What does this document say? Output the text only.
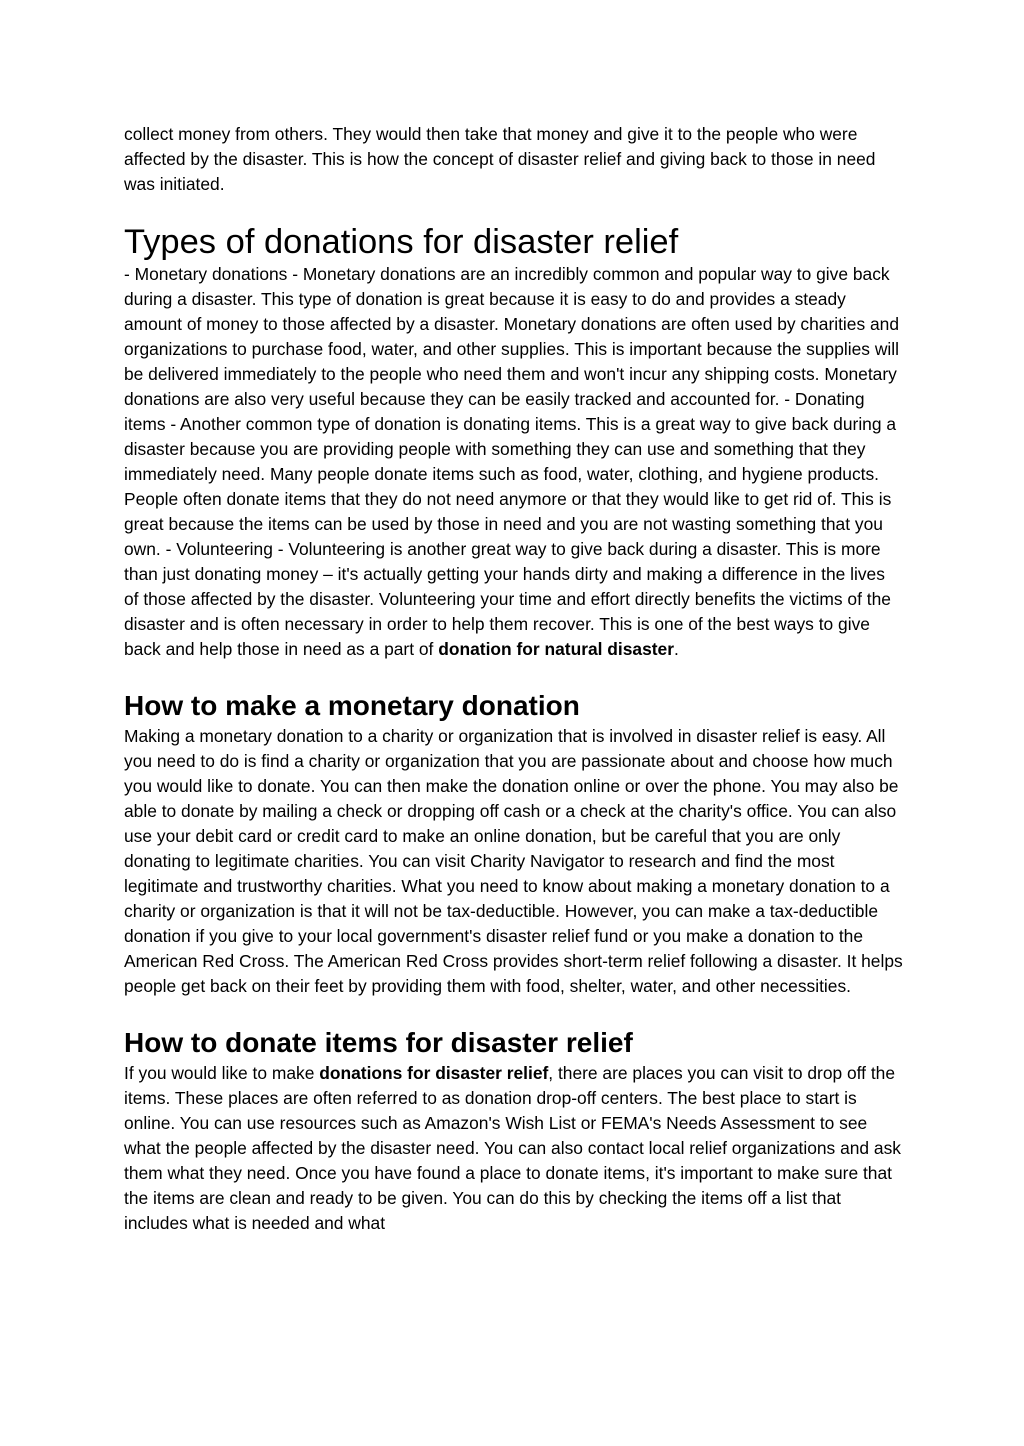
collect money from others. They would then take that money and give it to the people who were affected by the disaster. This is how the concept of disaster relief and giving back to those in need was initiated.

Types of donations for disaster relief

- Monetary donations - Monetary donations are an incredibly common and popular way to give back during a disaster. This type of donation is great because it is easy to do and provides a steady amount of money to those affected by a disaster. Monetary donations are often used by charities and organizations to purchase food, water, and other supplies. This is important because the supplies will be delivered immediately to the people who need them and won't incur any shipping costs. Monetary donations are also very useful because they can be easily tracked and accounted for. - Donating items - Another common type of donation is donating items. This is a great way to give back during a disaster because you are providing people with something they can use and something that they immediately need. Many people donate items such as food, water, clothing, and hygiene products. People often donate items that they do not need anymore or that they would like to get rid of. This is great because the items can be used by those in need and you are not wasting something that you own. - Volunteering - Volunteering is another great way to give back during a disaster. This is more than just donating money – it's actually getting your hands dirty and making a difference in the lives of those affected by the disaster. Volunteering your time and effort directly benefits the victims of the disaster and is often necessary in order to help them recover. This is one of the best ways to give back and help those in need as a part of donation for natural disaster.

How to make a monetary donation

Making a monetary donation to a charity or organization that is involved in disaster relief is easy. All you need to do is find a charity or organization that you are passionate about and choose how much you would like to donate. You can then make the donation online or over the phone. You may also be able to donate by mailing a check or dropping off cash or a check at the charity's office. You can also use your debit card or credit card to make an online donation, but be careful that you are only donating to legitimate charities. You can visit Charity Navigator to research and find the most legitimate and trustworthy charities. What you need to know about making a monetary donation to a charity or organization is that it will not be tax-deductible. However, you can make a tax-deductible donation if you give to your local government's disaster relief fund or you make a donation to the American Red Cross. The American Red Cross provides short-term relief following a disaster. It helps people get back on their feet by providing them with food, shelter, water, and other necessities.

How to donate items for disaster relief

If you would like to make donations for disaster relief, there are places you can visit to drop off the items. These places are often referred to as donation drop-off centers. The best place to start is online. You can use resources such as Amazon's Wish List or FEMA's Needs Assessment to see what the people affected by the disaster need. You can also contact local relief organizations and ask them what they need. Once you have found a place to donate items, it's important to make sure that the items are clean and ready to be given. You can do this by checking the items off a list that includes what is needed and what
